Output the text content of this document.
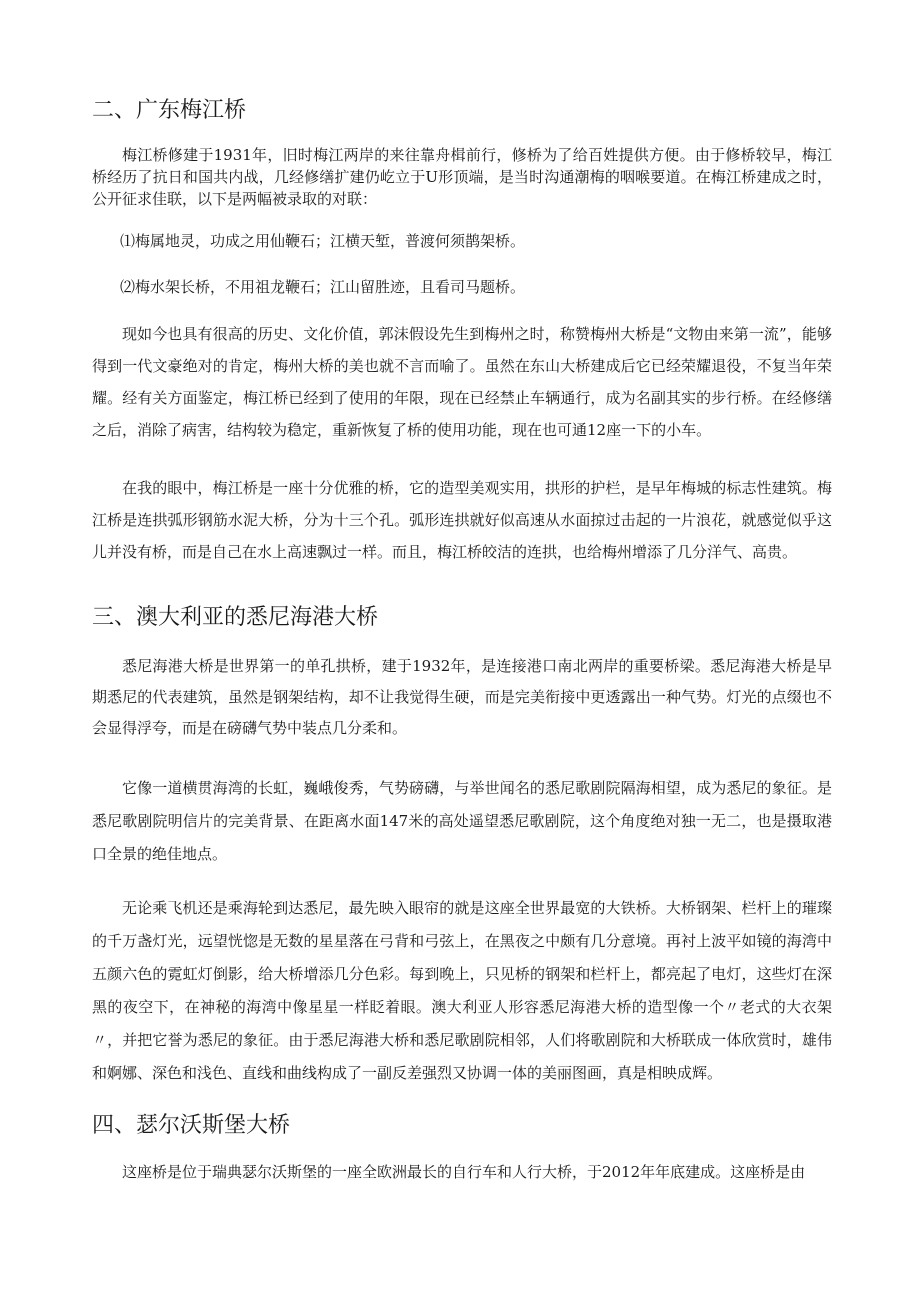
二、广东梅江桥

梅江桥修建于1931年，旧时梅江两岸的来往靠舟楫前行，修桥为了给百姓提供方便。由于修桥较早，梅江桥经历了抗日和国共内战，几经修缮扩建仍屹立于U形顶端，是当时沟通潮梅的咽喉要道。在梅江桥建成之时，公开征求佳联，以下是两幅被录取的对联：

⑴梅属地灵，功成之用仙鞭石；江横天堑，普渡何须鹊架桥。

⑵梅水架长桥，不用祖龙鞭石；江山留胜迹，且看司马题桥。

现如今也具有很高的历史、文化价值，郭沫假设先生到梅州之时，称赞梅州大桥是“文物由来第一流”，能够得到一代文豪绝对的肯定，梅州大桥的美也就不言而喻了。虽然在东山大桥建成后它已经荣耀退役，不复当年荣耀。经有关方面鉴定，梅江桥已经到了使用的年限，现在已经禁止车辆通行，成为名副其实的步行桥。在经修缮之后，消除了病害，结构较为稳定，重新恢复了桥的使用功能，现在也可通12座一下的小车。

在我的眼中，梅江桥是一座十分优雅的桥，它的造型美观实用，拱形的护栏，是早年梅城的标志性建筑。梅江桥是连拱弧形钢筋水泥大桥，分为十三个孔。弧形连拱就好似高速从水面掠过击起的一片浪花，就感觉似乎这儿并没有桥，而是自己在水上高速飘过一样。而且，梅江桥皎洁的连拱，也给梅州增添了几分洋气、高贵。

三、澳大利亚的悉尼海港大桥

悉尼海港大桥是世界第一的单孔拱桥，建于1932年，是连接港口南北两岸的重要桥梁。悉尼海港大桥是早期悉尼的代表建筑，虽然是钢架结构，却不让我觉得生硬，而是完美衔接中更透露出一种气势。灯光的点缀也不会显得浮夸，而是在磅礴气势中装点几分柔和。

它像一道横贯海湾的长虹，巍峨俊秀，气势磅礴，与举世闻名的悉尼歌剧院隔海相望，成为悉尼的象征。是悉尼歌剧院明信片的完美背景、在距离水面147米的高处遥望悉尼歌剧院，这个角度绝对独一无二，也是摄取港口全景的绝佳地点。

无论乘飞机还是乘海轮到达悉尼，最先映入眼帘的就是这座全世界最宽的大铁桥。大桥钢架、栏杆上的璀璨的千万盏灯光，远望恍惚是无数的星星落在弓背和弓弦上，在黑夜之中颇有几分意境。再衬上波平如镜的海湾中五颜六色的霓虹灯倒影，给大桥增添几分色彩。每到晚上，只见桥的钢架和栏杆上，都亮起了电灯，这些灯在深黑的夜空下，在神秘的海湾中像星星一样眨着眼。澳大利亚人形容悉尼海港大桥的造型像一个〃老式的大衣架〃，并把它誉为悉尼的象征。由于悉尼海港大桥和悉尼歌剧院相邻，人们将歌剧院和大桥联成一体欣赏时，雄伟和婀娜、深色和浅色、直线和曲线构成了一副反差强烈又协调一体的美丽图画，真是相映成辉。

四、瑟尔沃斯堡大桥

这座桥是位于瑞典瑟尔沃斯堡的一座全欧洲最长的自行车和人行大桥，于2012年年底建成。这座桥是由
